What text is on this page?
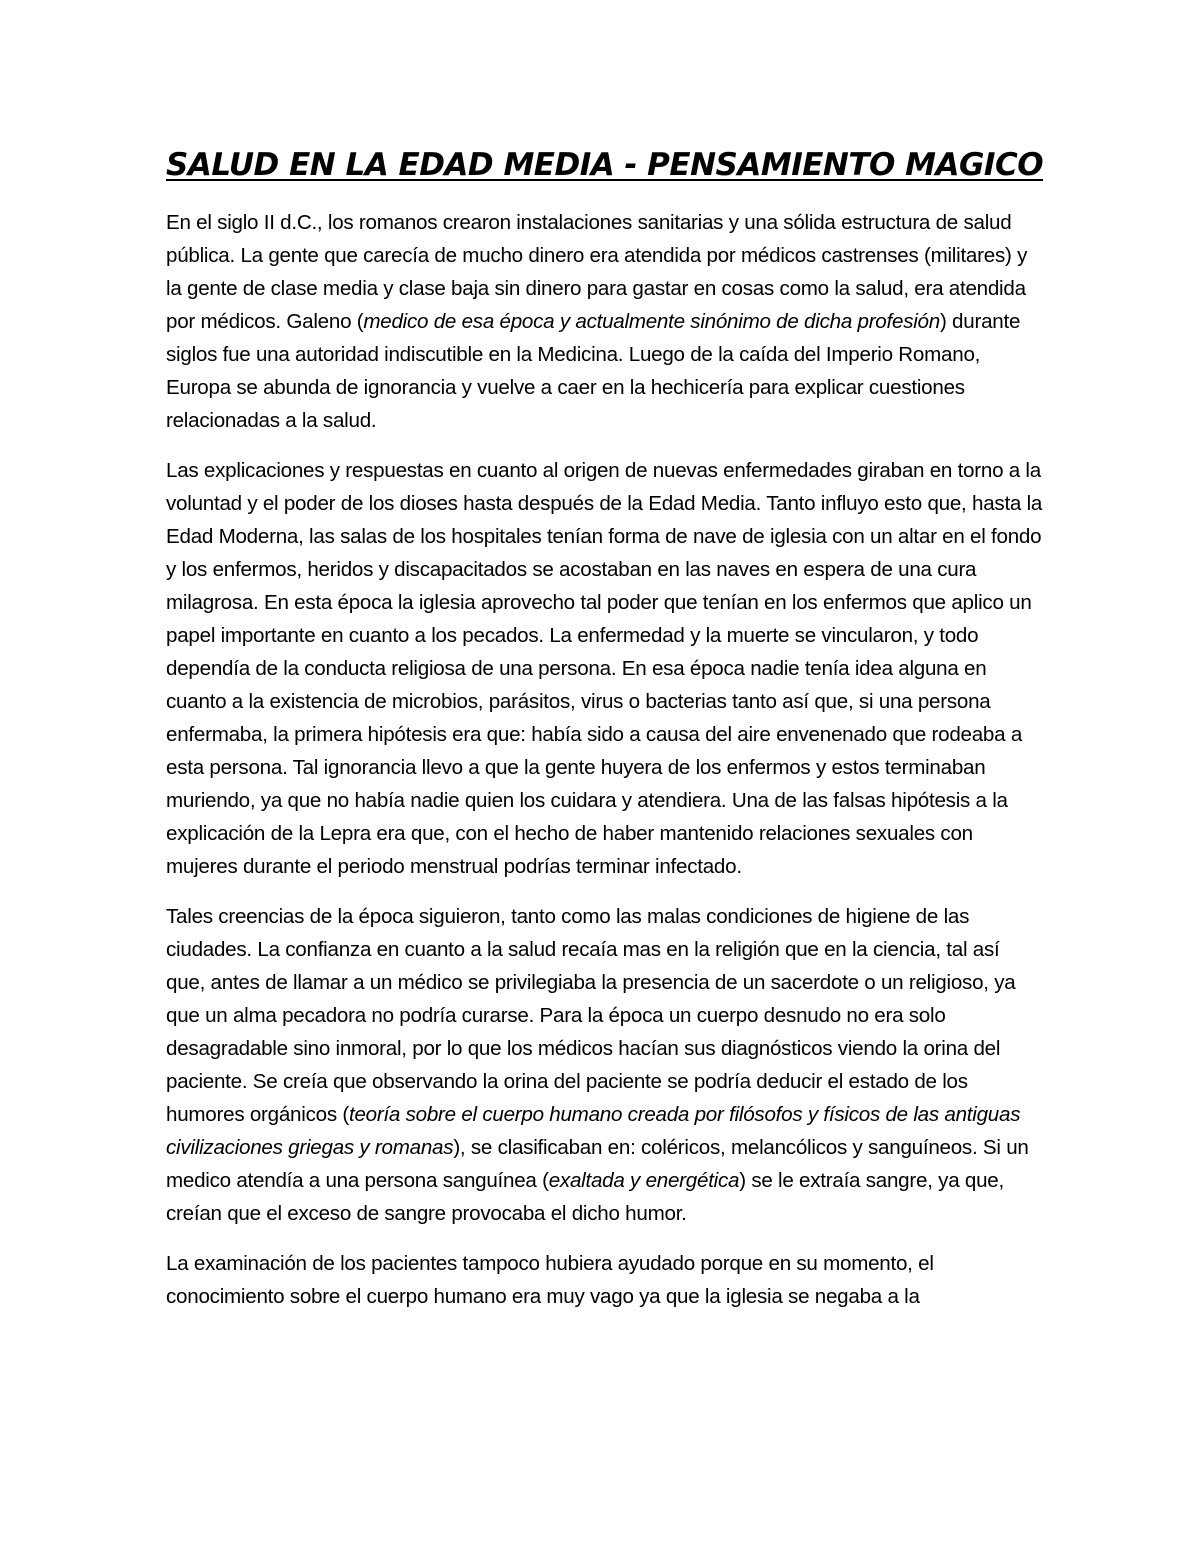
SALUD EN LA EDAD MEDIA - PENSAMIENTO MAGICO

En el siglo II d.C., los romanos crearon instalaciones sanitarias y una sólida estructura de salud pública. La gente que carecía de mucho dinero era atendida por médicos castrenses (militares) y la gente de clase media y clase baja sin dinero para gastar en cosas como la salud, era atendida por médicos. Galeno (medico de esa época y actualmente sinónimo de dicha profesión) durante siglos fue una autoridad indiscutible en la Medicina. Luego de la caída del Imperio Romano, Europa se abunda de ignorancia y vuelve a caer en la hechicería para explicar cuestiones relacionadas a la salud.

Las explicaciones y respuestas en cuanto al origen de nuevas enfermedades giraban en torno a la voluntad y el poder de los dioses hasta después de la Edad Media. Tanto influyo esto que, hasta la Edad Moderna, las salas de los hospitales tenían forma de nave de iglesia con un altar en el fondo y los enfermos, heridos y discapacitados se acostaban en las naves en espera de una cura milagrosa. En esta época la iglesia aprovecho tal poder que tenían en los enfermos que aplico un papel importante en cuanto a los pecados. La enfermedad y la muerte se vincularon, y todo dependía de la conducta religiosa de una persona. En esa época nadie tenía idea alguna en cuanto a la existencia de microbios, parásitos, virus o bacterias tanto así que, si una persona enfermaba, la primera hipótesis era que: había sido a causa del aire envenenado que rodeaba a esta persona. Tal ignorancia llevo a que la gente huyera de los enfermos y estos terminaban muriendo, ya que no había nadie quien los cuidara y atendiera. Una de las falsas hipótesis a la explicación de la Lepra era que, con el hecho de haber mantenido relaciones sexuales con mujeres durante el periodo menstrual podrías terminar infectado.

Tales creencias de la época siguieron, tanto como las malas condiciones de higiene de las ciudades. La confianza en cuanto a la salud recaía mas en la religión que en la ciencia, tal así que, antes de llamar a un médico se privilegiaba la presencia de un sacerdote o un religioso, ya que un alma pecadora no podría curarse. Para la época un cuerpo desnudo no era solo desagradable sino inmoral, por lo que los médicos hacían sus diagnósticos viendo la orina del paciente. Se creía que observando la orina del paciente se podría deducir el estado de los humores orgánicos (teoría sobre el cuerpo humano creada por filósofos y físicos de las antiguas civilizaciones griegas y romanas), se clasificaban en: coléricos, melancólicos y sanguíneos. Si un medico atendía a una persona sanguínea (exaltada y energética) se le extraía sangre, ya que, creían que el exceso de sangre provocaba el dicho humor.

La examinación de los pacientes tampoco hubiera ayudado porque en su momento, el conocimiento sobre el cuerpo humano era muy vago ya que la iglesia se negaba a la
